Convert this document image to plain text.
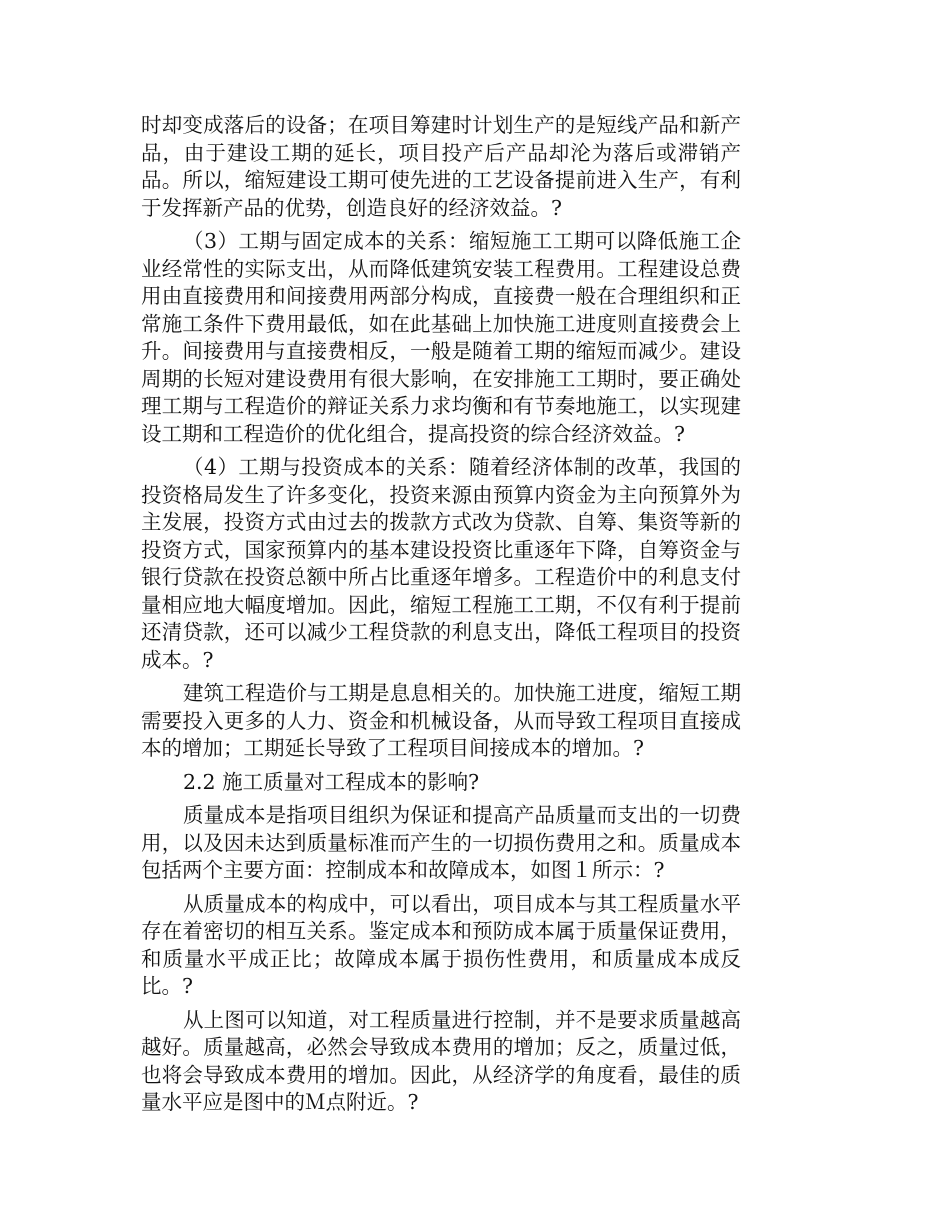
时却变成落后的设备；在项目筹建时计划生产的是短线产品和新产品，由于建设工期的延长，项目投产后产品却沦为落后或滞销产品。所以，缩短建设工期可使先进的工艺设备提前进入生产，有利于发挥新产品的优势，创造良好的经济效益。?

（3）工期与固定成本的关系：缩短施工工期可以降低施工企业经常性的实际支出，从而降低建筑安装工程费用。工程建设总费用由直接费用和间接费用两部分构成，直接费一般在合理组织和正常施工条件下费用最低，如在此基础上加快施工进度则直接费会上升。间接费用与直接费相反，一般是随着工期的缩短而减少。建设周期的长短对建设费用有很大影响，在安排施工工期时，要正确处理工期与工程造价的辩证关系力求均衡和有节奏地施工，以实现建设工期和工程造价的优化组合，提高投资的综合经济效益。?

（4）工期与投资成本的关系：随着经济体制的改革，我国的投资格局发生了许多变化，投资来源由预算内资金为主向预算外为主发展，投资方式由过去的拨款方式改为贷款、自筹、集资等新的投资方式，国家预算内的基本建设投资比重逐年下降，自筹资金与银行贷款在投资总额中所占比重逐年增多。工程造价中的利息支付量相应地大幅度增加。因此，缩短工程施工工期，不仅有利于提前还清贷款，还可以减少工程贷款的利息支出，降低工程项目的投资成本。?

建筑工程造价与工期是息息相关的。加快施工进度，缩短工期需要投入更多的人力、资金和机械设备，从而导致工程项目直接成本的增加；工期延长导致了工程项目间接成本的增加。?

2.2 施工质量对工程成本的影响?

质量成本是指项目组织为保证和提高产品质量而支出的一切费用，以及因未达到质量标准而产生的一切损伤费用之和。质量成本包括两个主要方面：控制成本和故障成本，如图１所示：?

从质量成本的构成中，可以看出，项目成本与其工程质量水平存在着密切的相互关系。鉴定成本和预防成本属于质量保证费用，和质量水平成正比；故障成本属于损伤性费用，和质量成本成反比。?

从上图可以知道，对工程质量进行控制，并不是要求质量越高越好。质量越高，必然会导致成本费用的增加；反之，质量过低，也将会导致成本费用的增加。因此，从经济学的角度看，最佳的质量水平应是图中的Ｍ点附近。?
